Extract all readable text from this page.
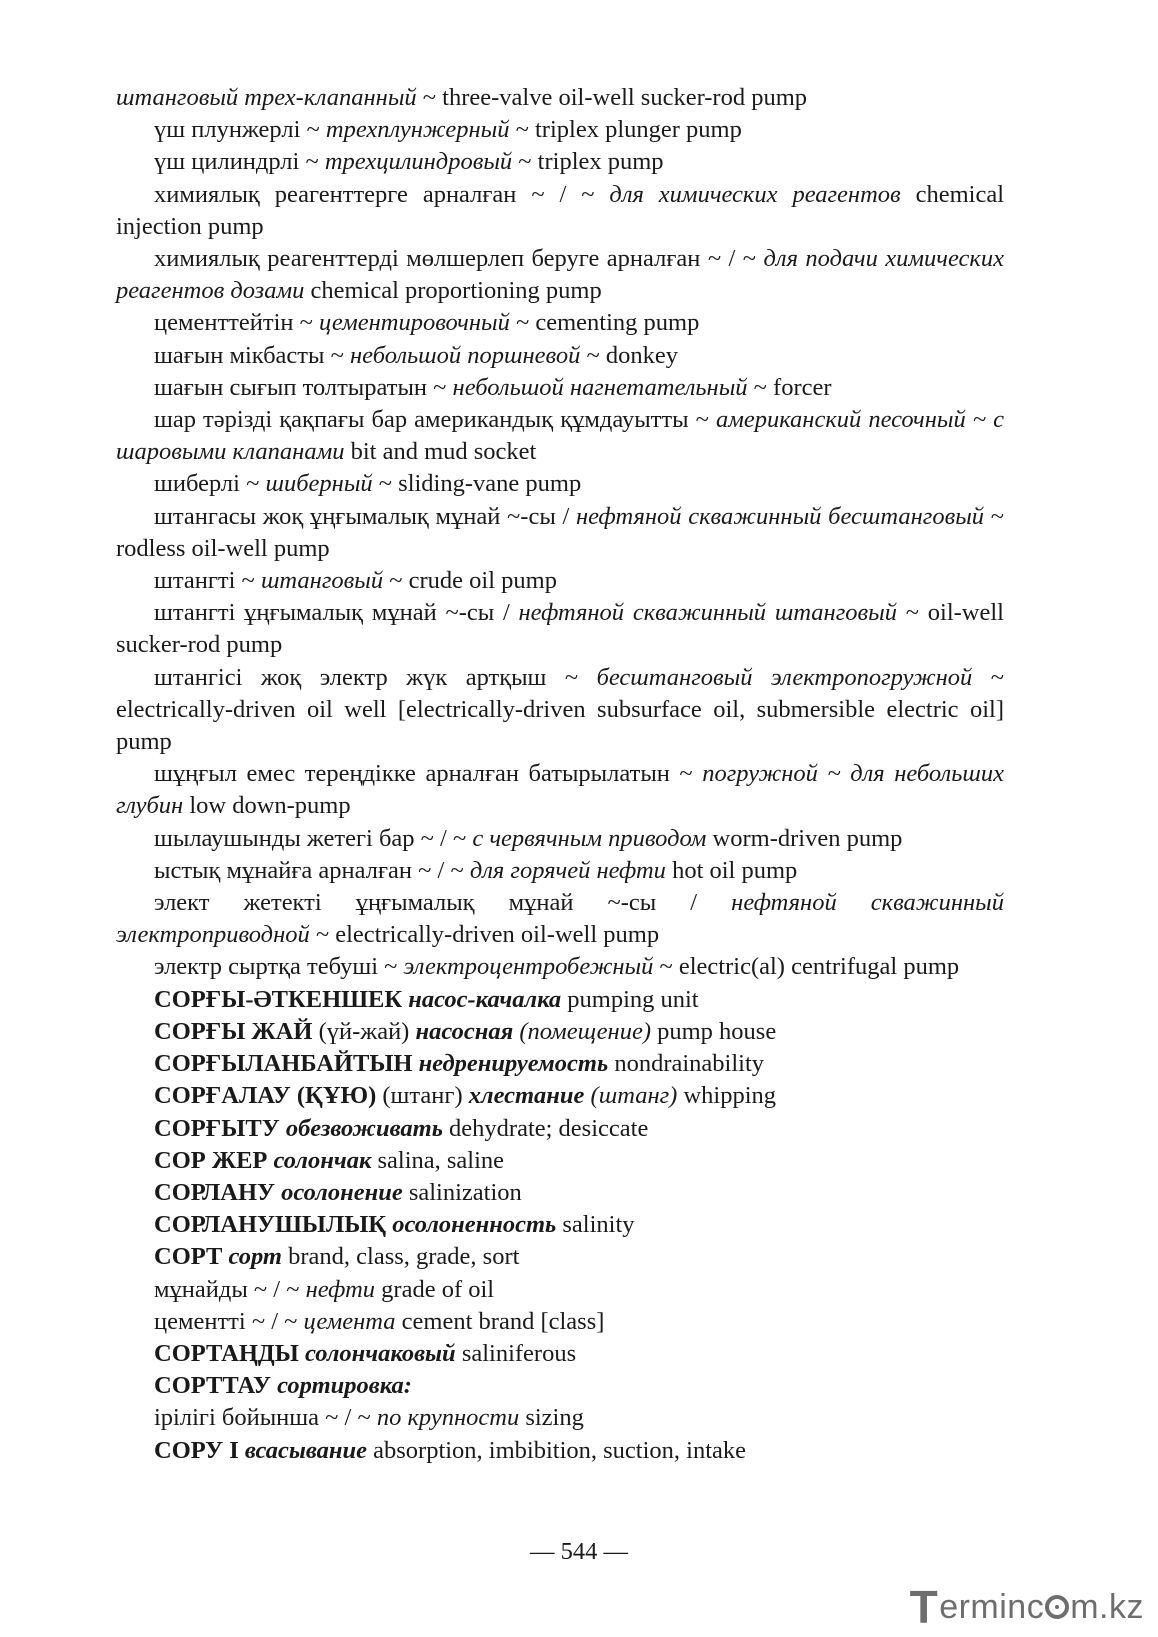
штанговый трех-клапанный ~ three-valve oil-well sucker-rod pump

үш плунжерлі ~ трехплунжерный ~ triplex plunger pump

үш цилиндрлі ~ трехцилиндровый ~ triplex pump

химиялық реагенттерге арналған ~ / ~ для химических реагентов chemical injection pump

химиялық реагенттерді мөлшерлеп беруге арналған ~ / ~ для подачи химических реагентов дозами chemical proportioning pump

цементтейтін ~ цементировочный ~ cementing pump

шағын мікбасты ~ небольшой поршневой ~ donkey

шағын сығып толтыратын ~ небольшой нагнетательный ~ forcer

шар тәрізді қақпағы бар американдық құмдауытты ~ американский песочный ~ с шаровыми клапанами bit and mud socket

шиберлі ~ шиберный ~ sliding-vane pump

штангасы жоқ ұңғымалық мұнай ~-сы / нефтяной скважинный бесштанговый ~ rodless oil-well pump

штангті ~ штанговый ~ crude oil pump

штангті ұңғымалық мұнай ~-сы / нефтяной скважинный штанговый ~ oil-well sucker-rod pump

штангісі жоқ электр жүк артқыш ~ бесштанговый электропогружной ~ electrically-driven oil well [electrically-driven subsurface oil, submersible electric oil] pump

шұңғыл емес тереңдікке арналған батырылатын ~ погружной ~ для небольших глубин low down-pump

шылаушынды жетегі бар ~ / ~ с червячным приводом worm-driven pump

ыстық мұнайға арналған ~ / ~ для горячей нефти hot oil pump

элект жетекті ұңғымалық мұнай ~-сы / нефтяной скважинный электроприводной ~ electrically-driven oil-well pump

электр сыртқа тебуші ~ электроцентробежный ~ electric(al) centrifugal pump

СОРҒЫ-ӘТКЕНШЕК насос-качалка pumping unit

СОРҒЫ ЖАЙ (үй-жай) насосная (помещение) pump house

СОРҒЫЛАНБАЙТЫН недренируемость nondrainability

СОРҒАЛАУ (ҚҰЮ) (штанг) хлестание (штанг) whipping

СОРҒЫТУ обезвоживать dehydrate; desiccate

СОР ЖЕР солончак salina, saline

СОРЛАНУ осолонение salinization

СОРЛАНУШЫЛЫҚ осолоненность salinity

СОРТ сорт brand, class, grade, sort

мұнайды ~ / ~ нефти grade of oil

цементті ~ / ~ цемента cement brand [class]

СОРТАҢДЫ солончаковый saliniferous

СОРТТАУ сортировка:

ірілігі бойынша ~ / ~ по крупности sizing

СОРУ I всасывание absorption, imbibition, suction, intake

— 544 —
T erminc m.kz
